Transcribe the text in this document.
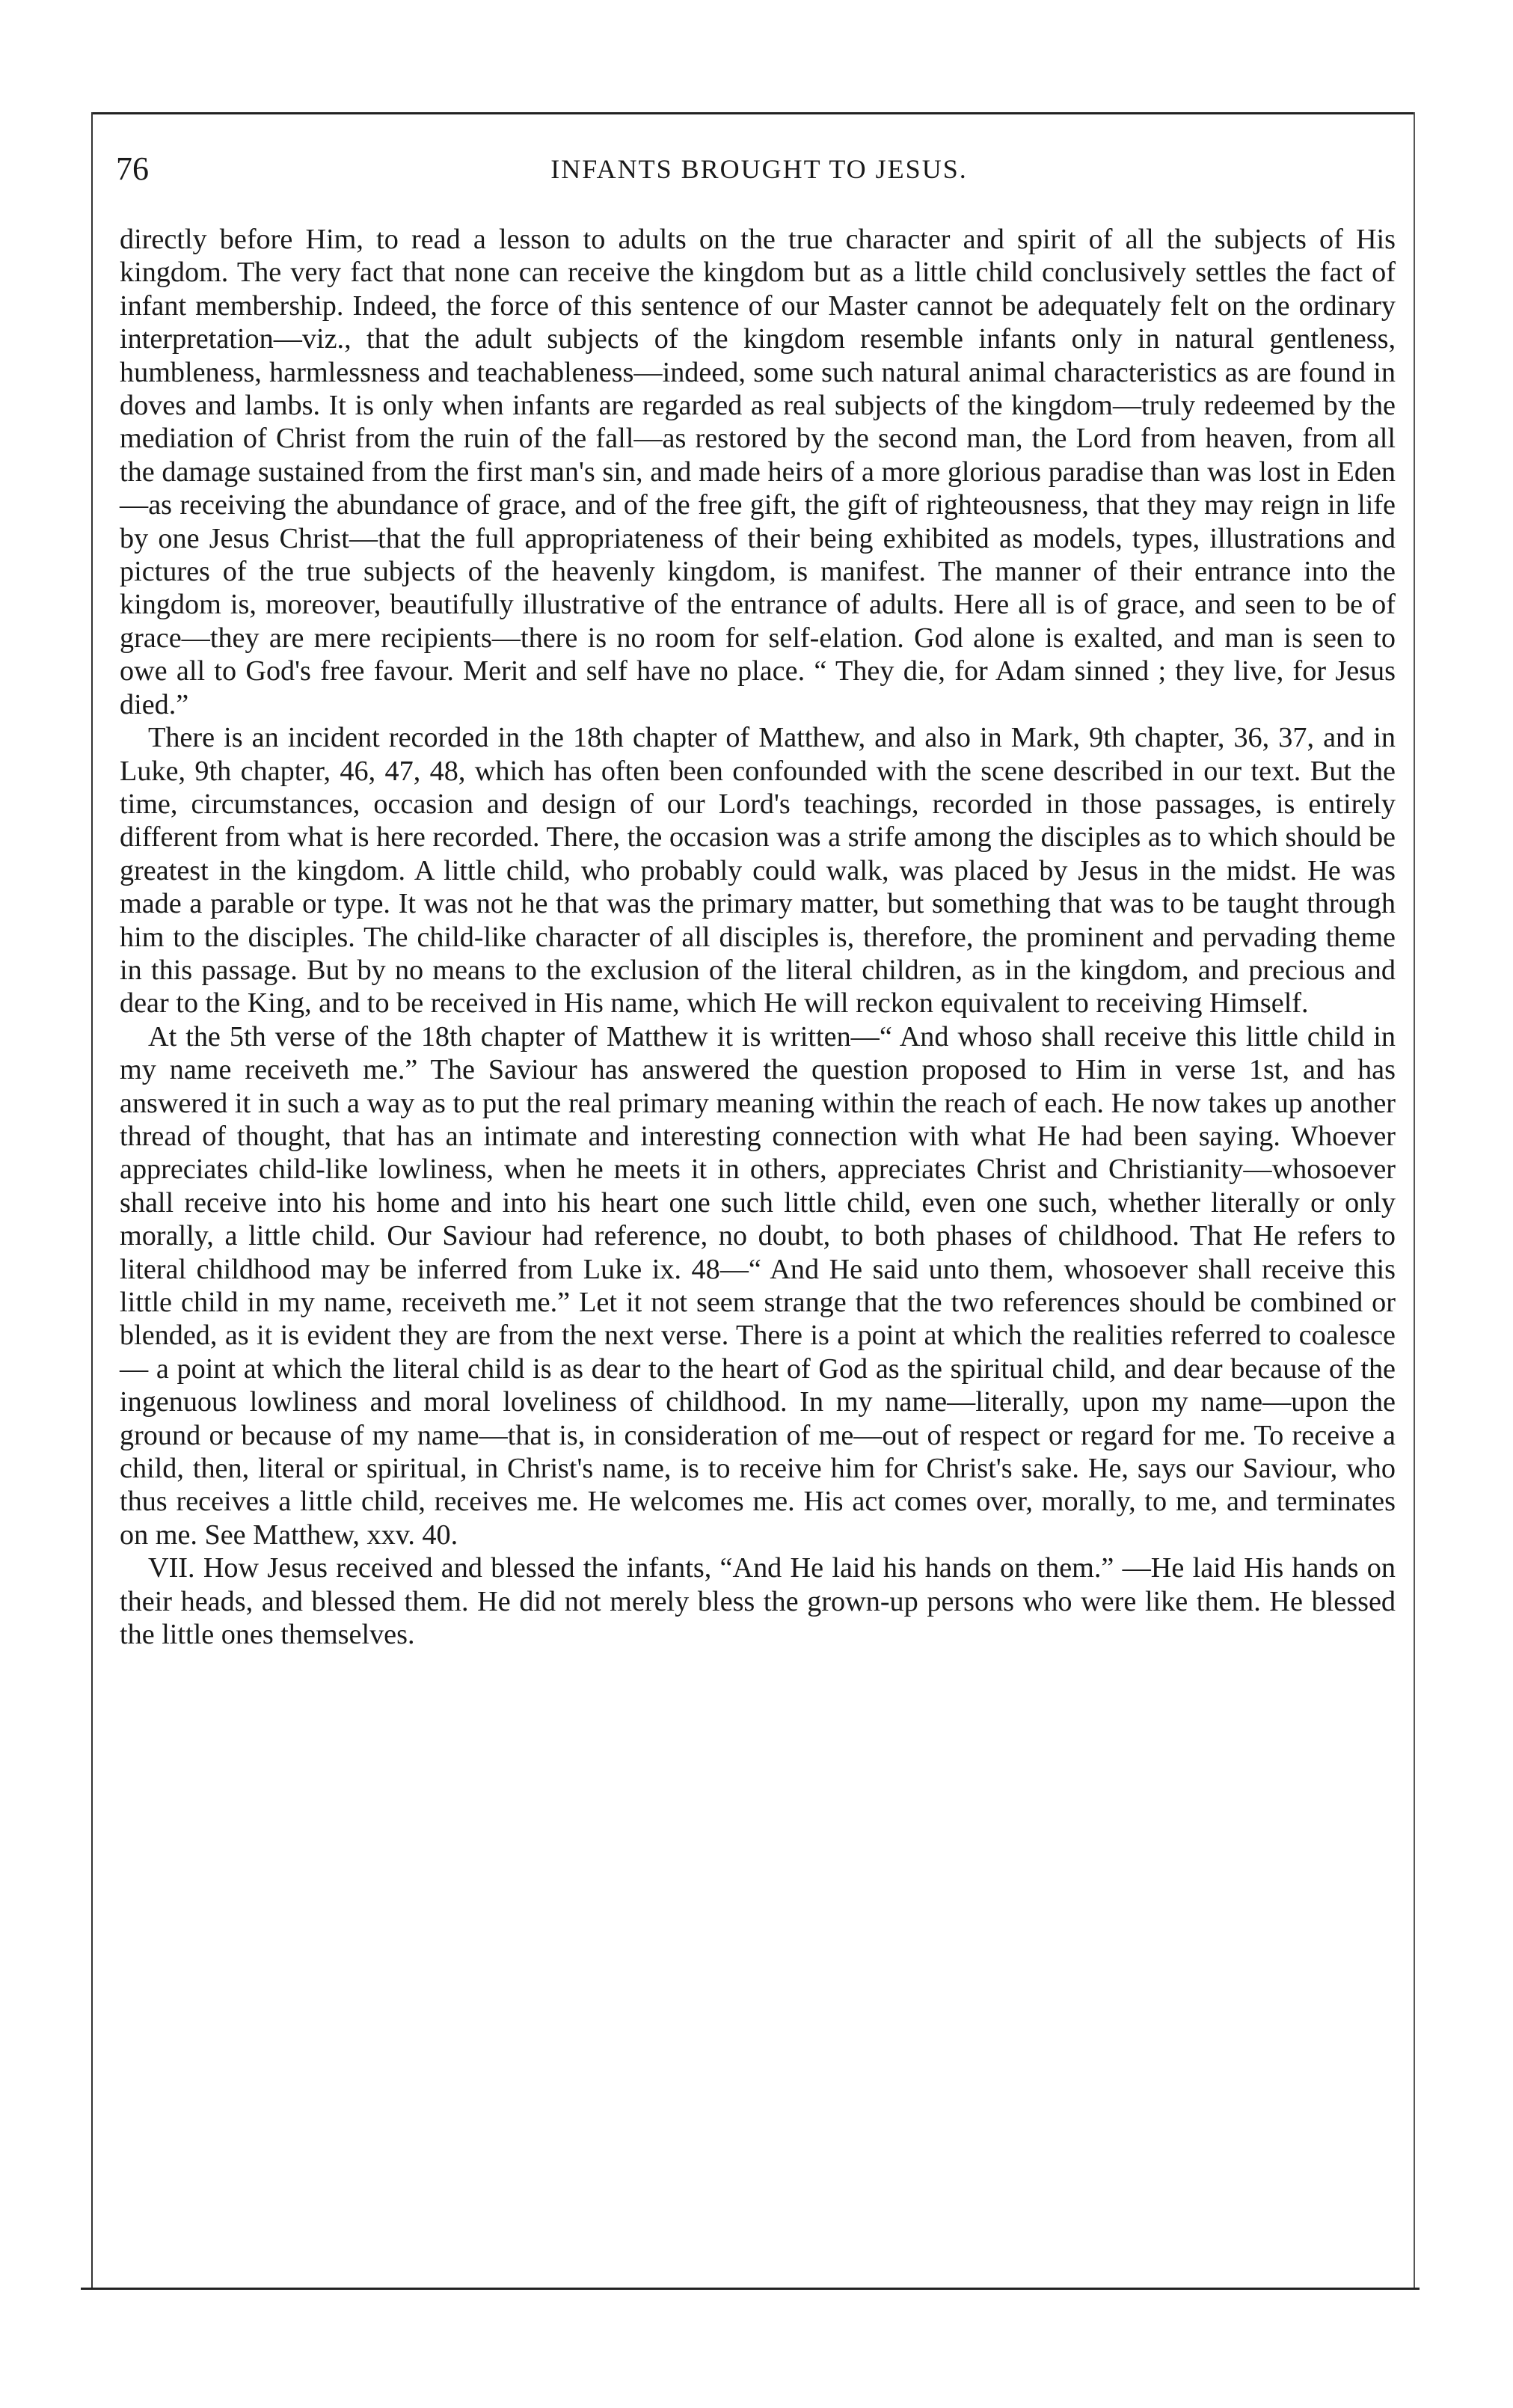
76	INFANTS BROUGHT TO JESUS.

directly before Him, to read a lesson to adults on the true character and spirit of all the subjects of His kingdom. The very fact that none can receive the kingdom but as a little child conclusively settles the fact of infant membership. Indeed, the force of this sentence of our Master cannot be adequately felt on the ordinary interpretation—viz., that the adult subjects of the kingdom resemble infants only in natural gentleness, humbleness, harmlessness and teachableness—indeed, some such natural animal characteristics as are found in doves and lambs. It is only when infants are regarded as real subjects of the kingdom—truly redeemed by the mediation of Christ from the ruin of the fall—as restored by the second man, the Lord from heaven, from all the damage sustained from the first man's sin, and made heirs of a more glorious paradise than was lost in Eden—as receiving the abundance of grace, and of the free gift, the gift of righteousness, that they may reign in life by one Jesus Christ—that the full appropriateness of their being exhibited as models, types, illustrations and pictures of the true subjects of the heavenly kingdom, is manifest. The manner of their entrance into the kingdom is, moreover, beautifully illustrative of the entrance of adults. Here all is of grace, and seen to be of grace—they are mere recipients—there is no room for self-elation. God alone is exalted, and man is seen to owe all to God's free favour. Merit and self have no place. “ They die, for Adam sinned ; they live, for Jesus died.”

There is an incident recorded in the 18th chapter of Matthew, and also in Mark, 9th chapter, 36, 37, and in Luke, 9th chapter, 46, 47, 48, which has often been confounded with the scene described in our text. But the time, circumstances, occasion and design of our Lord's teachings, recorded in those passages, is entirely different from what is here recorded. There, the occasion was a strife among the disciples as to which should be greatest in the kingdom. A little child, who probably could walk, was placed by Jesus in the midst. He was made a parable or type. It was not he that was the primary matter, but something that was to be taught through him to the disciples. The child-like character of all disciples is, therefore, the prominent and pervading theme in this passage. But by no means to the exclusion of the literal children, as in the kingdom, and precious and dear to the King, and to be received in His name, which He will reckon equivalent to receiving Himself.

At the 5th verse of the 18th chapter of Matthew it is written—“ And whoso shall receive this little child in my name receiveth me.” The Saviour has answered the question proposed to Him in verse 1st, and has answered it in such a way as to put the real primary meaning within the reach of each. He now takes up another thread of thought, that has an intimate and interesting connection with what He had been saying. Whoever appreciates child-like lowliness, when he meets it in others, appreciates Christ and Christianity—whosoever shall receive into his home and into his heart one such little child, even one such, whether literally or only morally, a little child. Our Saviour had reference, no doubt, to both phases of childhood. That He refers to literal childhood may be inferred from Luke ix. 48—“ And He said unto them, whosoever shall receive this little child in my name, receiveth me.” Let it not seem strange that the two references should be combined or blended, as it is evident they are from the next verse. There is a point at which the realities referred to coalesce— a point at which the literal child is as dear to the heart of God as the spiritual child, and dear because of the ingenuous lowliness and moral loveliness of childhood. In my name—literally, upon my name—upon the ground or because of my name—that is, in consideration of me—out of respect or regard for me. To receive a child, then, literal or spiritual, in Christ's name, is to receive him for Christ's sake. He, says our Saviour, who thus receives a little child, receives me. He welcomes me. His act comes over, morally, to me, and terminates on me. See Matthew, xxv. 40.

VII. How Jesus received and blessed the infants, “And He laid his hands on them.” —He laid His hands on their heads, and blessed them. He did not merely bless the grown-up persons who were like them. He blessed the little ones themselves.
